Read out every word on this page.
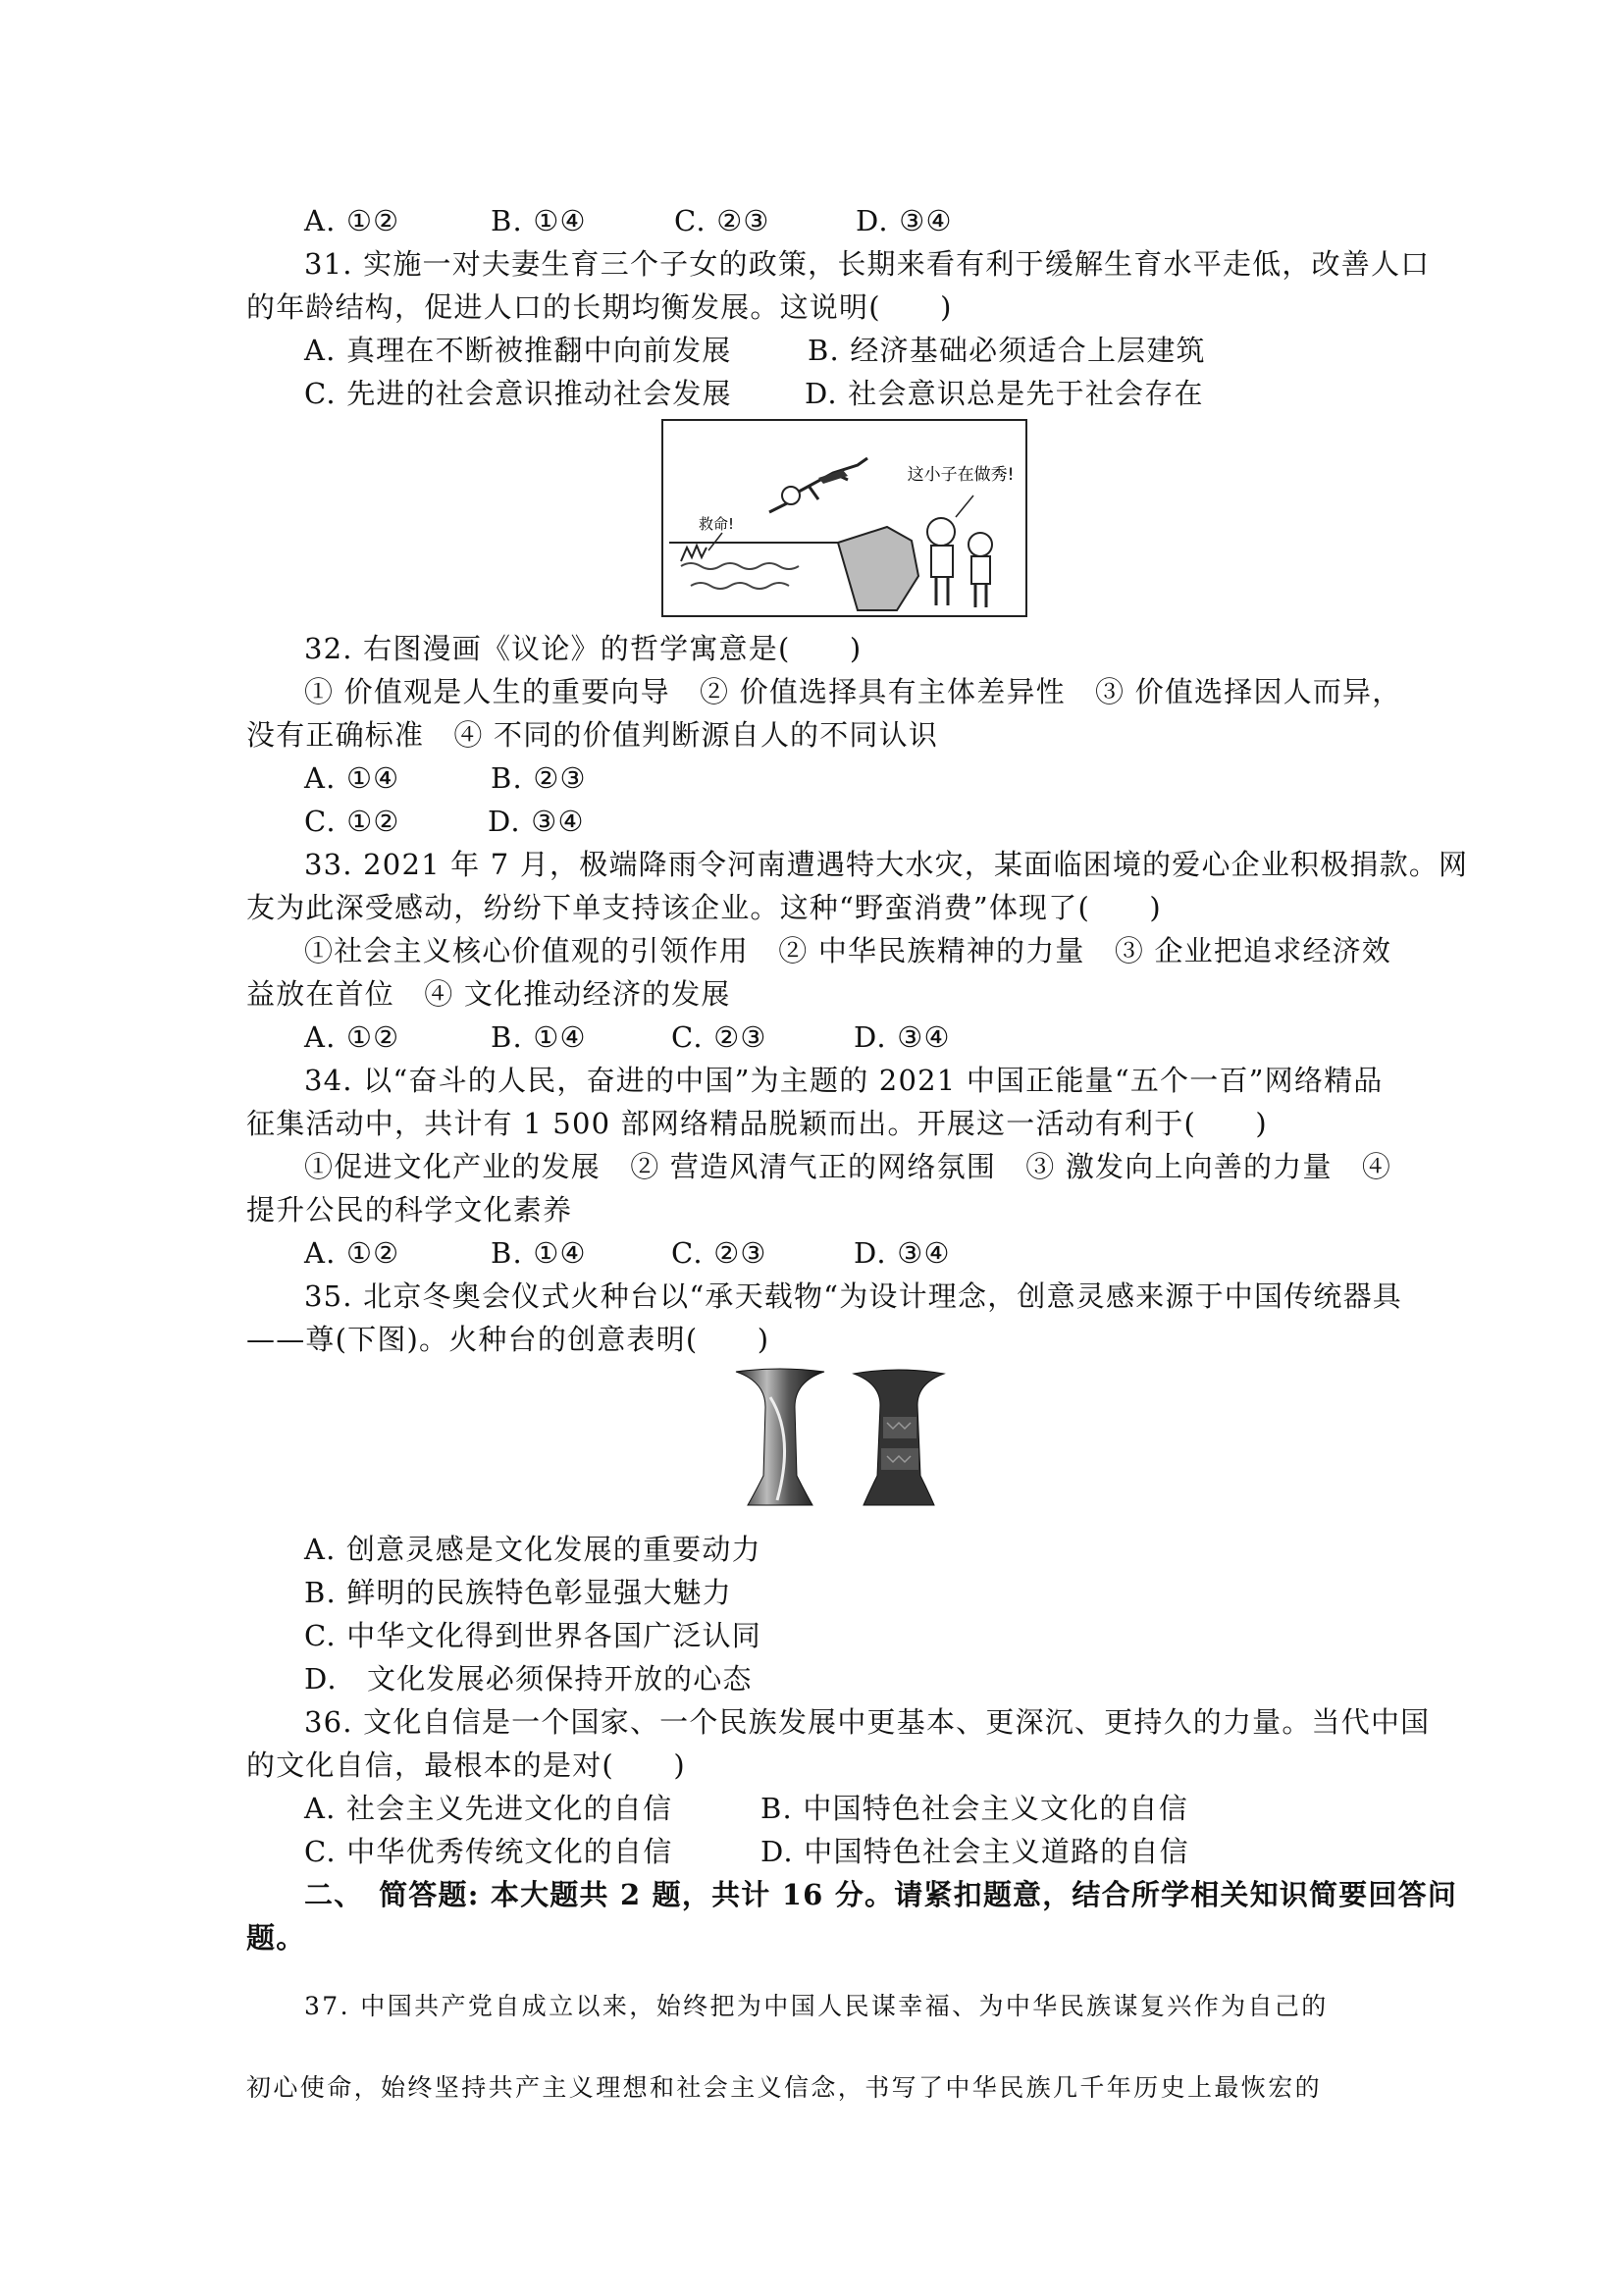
A. ①②	B. ①④	C. ②③	D. ③④
31. 实施一对夫妻生育三个子女的政策，长期来看有利于缓解生育水平走低，改善人口
的年龄结构，促进人口的长期均衡发展。这说明(　　)
A. 真理在不断被推翻中向前发展	B. 经济基础必须适合上层建筑
C. 先进的社会意识推动社会发展	D. 社会意识总是先于社会存在
这小子在做秀!
救命!
32. 右图漫画《议论》的哲学寓意是(　　)
① 价值观是人生的重要向导　② 价值选择具有主体差异性　③ 价值选择因人而异，
没有正确标准　④ 不同的价值判断源自人的不同认识
A. ①④	B. ②③
C. ①②	D. ③④
33. 2021 年 7 月，极端降雨令河南遭遇特大水灾，某面临困境的爱心企业积极捐款。网
友为此深受感动，纷纷下单支持该企业。这种“野蛮消费”体现了(　　)
①社会主义核心价值观的引领作用　② 中华民族精神的力量　③ 企业把追求经济效
益放在首位　④ 文化推动经济的发展
A. ①②	B. ①④	C. ②③	D. ③④
34. 以“奋斗的人民，奋进的中国”为主题的 2021 中国正能量“五个一百”网络精品
征集活动中，共计有 1 500 部网络精品脱颖而出。开展这一活动有利于(　　)
①促进文化产业的发展　② 营造风清气正的网络氛围　③ 激发向上向善的力量　④
提升公民的科学文化素养
A. ①②	B. ①④	C. ②③	D. ③④
35. 北京冬奥会仪式火种台以“承天载物“为设计理念，创意灵感来源于中国传统器具
——尊(下图)。火种台的创意表明(　　)
A. 创意灵感是文化发展的重要动力
B. 鲜明的民族特色彰显强大魅力
C. 中华文化得到世界各国广泛认同
D.　文化发展必须保持开放的心态
36. 文化自信是一个国家、一个民族发展中更基本、更深沉、更持久的力量。当代中国
的文化自信，最根本的是对(　　)
A. 社会主义先进文化的自信	B. 中国特色社会主义文化的自信
C. 中华优秀传统文化的自信	D. 中国特色社会主义道路的自信
二、　简答题: 本大题共 2 题，共计 16 分。请紧扣题意，结合所学相关知识简要回答问
题。
37. 中国共产党自成立以来，始终把为中国人民谋幸福、为中华民族谋复兴作为自己的
初心使命，始终坚持共产主义理想和社会主义信念，书写了中华民族几千年历史上最恢宏的
